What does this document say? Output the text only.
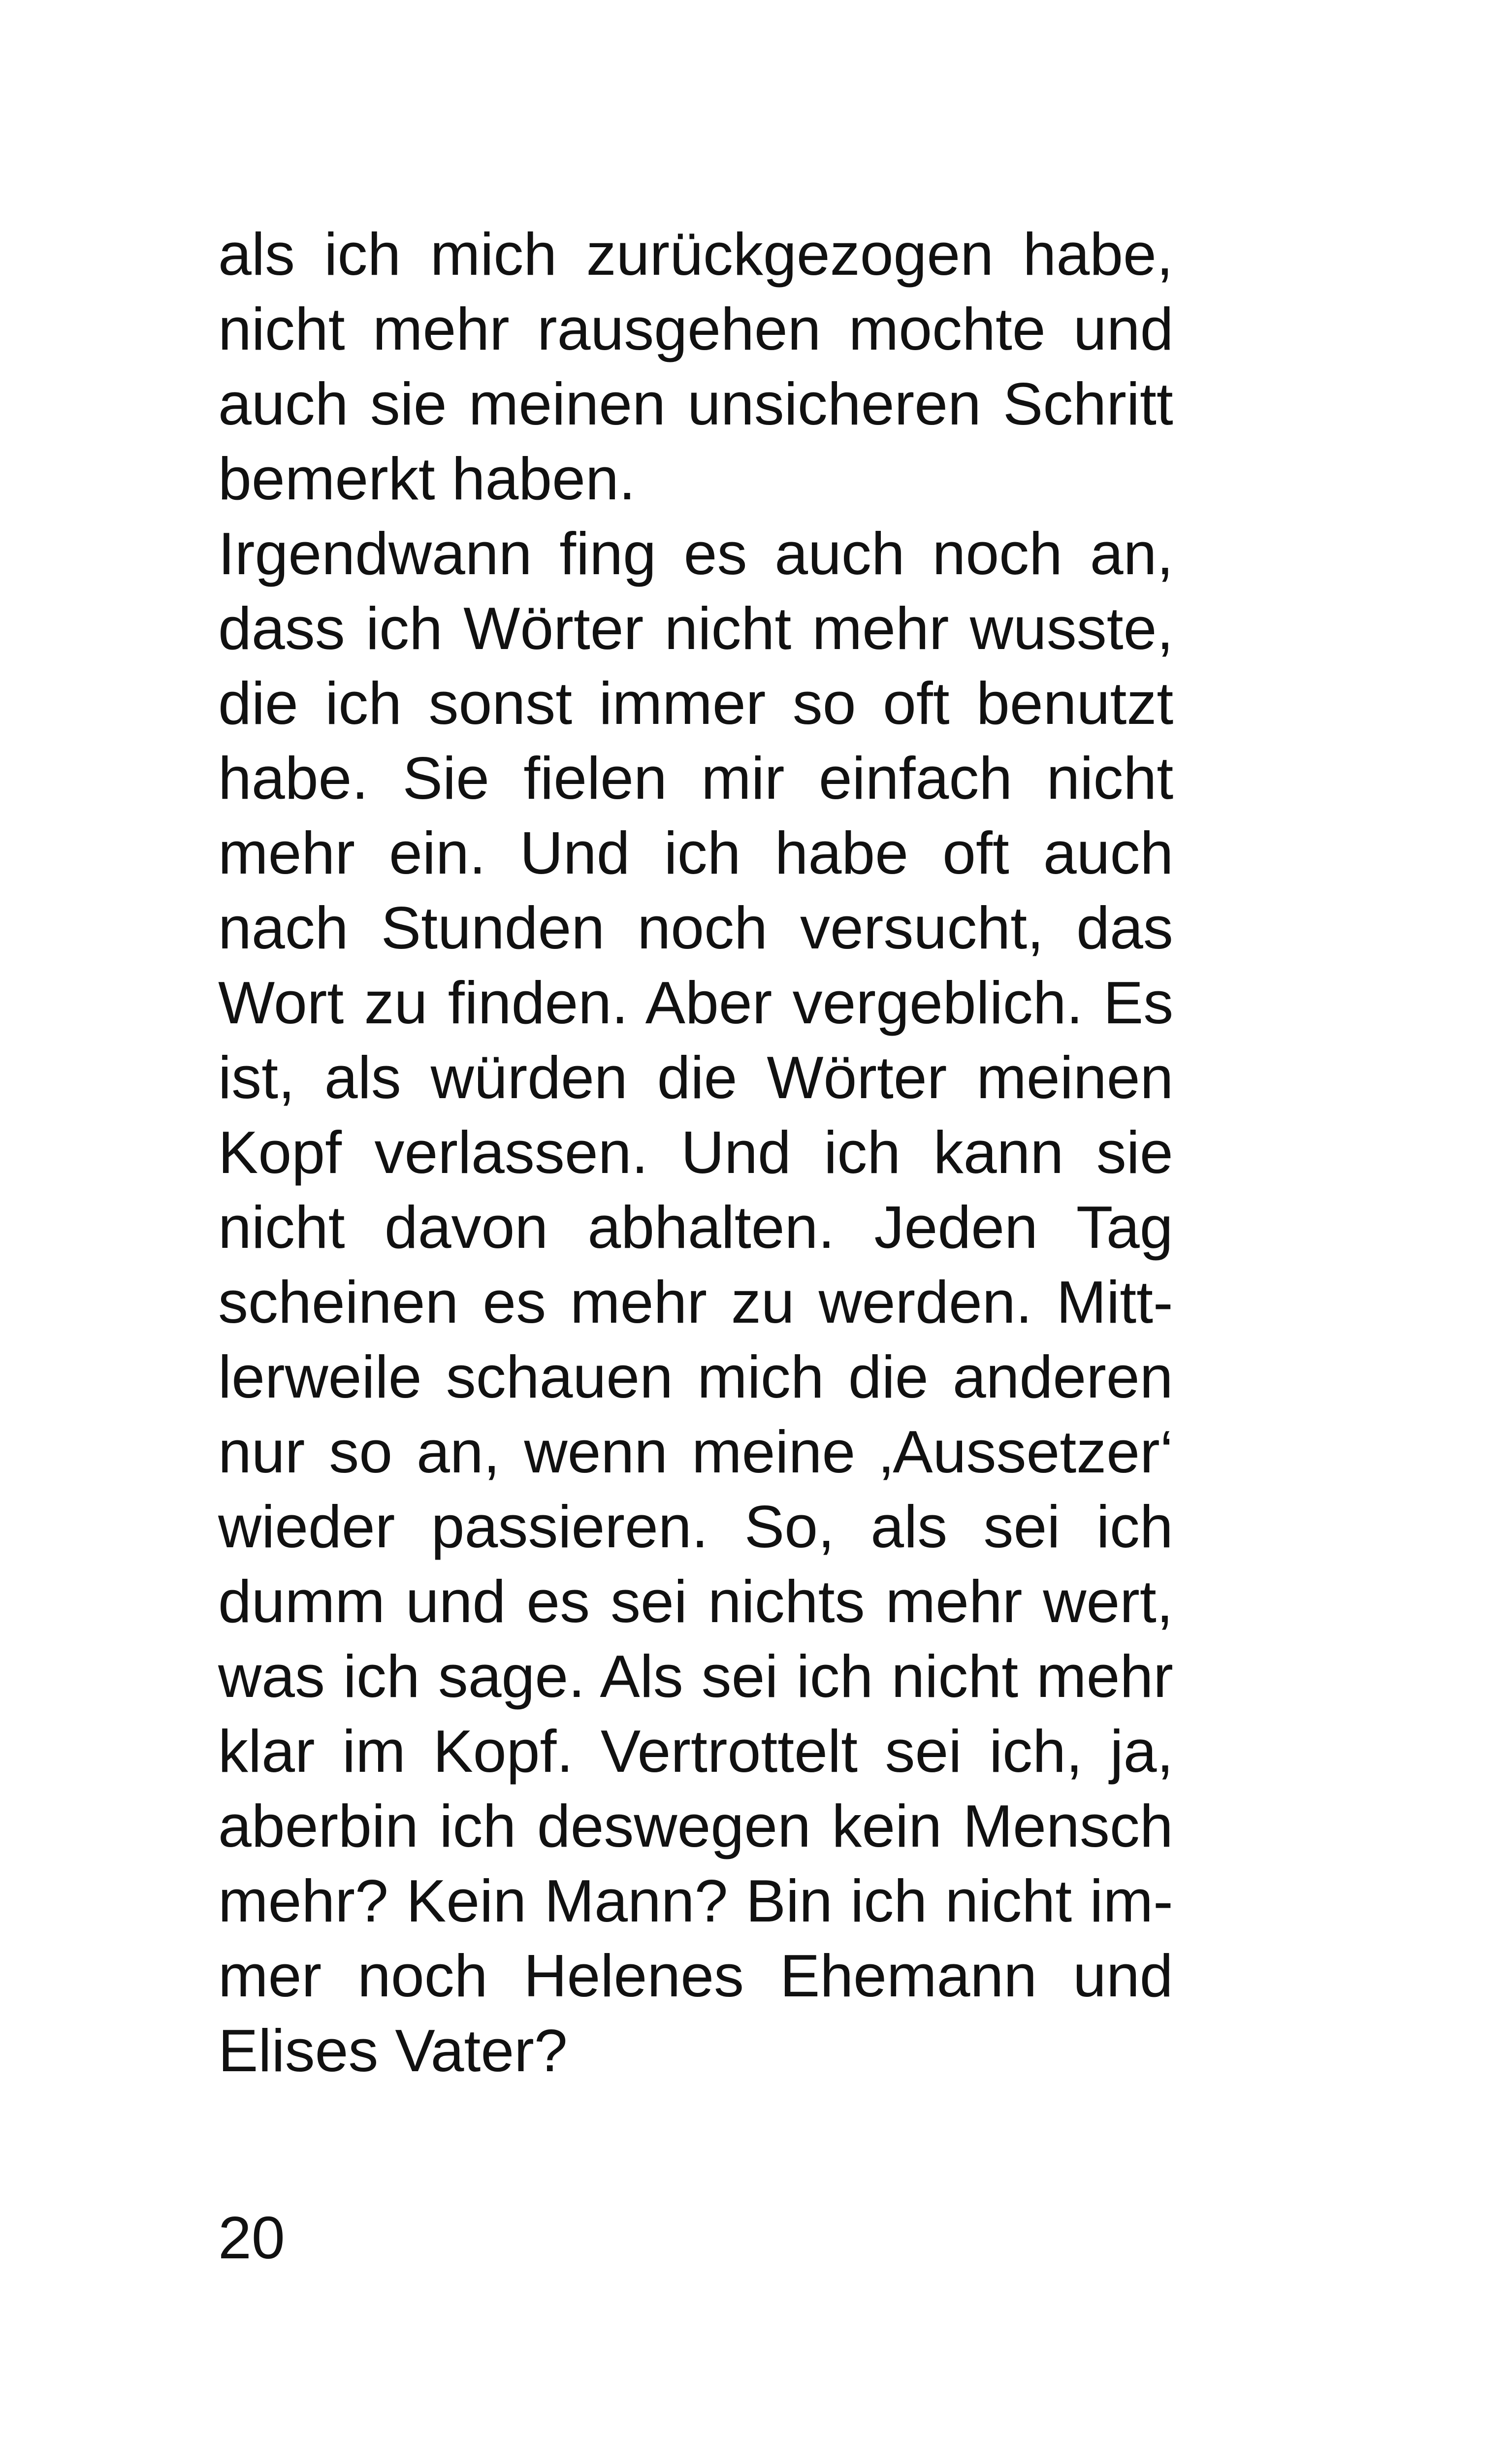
als ich mich zurückgezogen habe,
nicht mehr rausgehen mochte und
auch sie meinen unsicheren Schritt
bemerkt haben.
Irgendwann fing es auch noch an,
dass ich Wörter nicht mehr wusste,
die ich sonst immer so oft benutzt
habe. Sie fielen mir einfach nicht
mehr ein. Und ich habe oft auch
nach Stunden noch versucht, das
Wort zu finden. Aber vergeblich. Es
ist, als würden die Wörter meinen
Kopf verlassen. Und ich kann sie
nicht davon abhalten. Jeden Tag
scheinen es mehr zu werden. Mitt-
lerweile schauen mich die anderen
nur so an, wenn meine ‚Aussetzer‘
wieder passieren. So, als sei ich
dumm und es sei nichts mehr wert,
was ich sage. Als sei ich nicht mehr
klar im Kopf. Vertrottelt sei ich, ja,
aberbin ich deswegen kein Mensch
mehr? Kein Mann? Bin ich nicht im-
mer noch Helenes Ehemann und
Elises Vater?
20
